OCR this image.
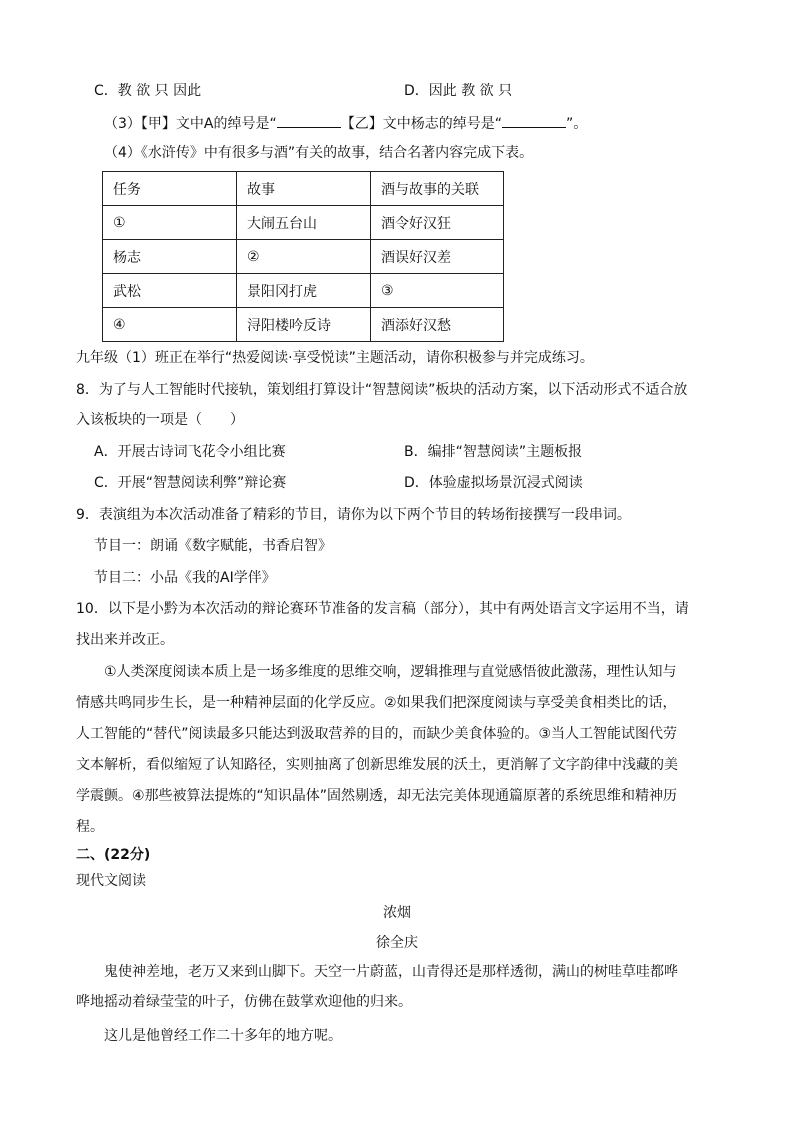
C．教 欲 只 因此	D．因此 教 欲 只
（3）【甲】文中A的绰号是“	【乙】文中杨志的绰号是“	”。
（4）《水浒传》中有很多与酒”有关的故事，结合名著内容完成下表。
任务	故事	酒与故事的关联
①	大闹五台山	酒令好汉狂
杨志	②	酒误好汉差
武松	景阳冈打虎	③
④	浔阳楼吟反诗	酒添好汉愁
九年级（1）班正在举行“热爱阅读·享受悦读”主题活动，请你积极参与并完成练习。
8．为了与人工智能时代接轨，策划组打算设计“智慧阅读”板块的活动方案，以下活动形式不适合放
入该板块的一项是（　　）
A．开展古诗词飞花令小组比赛	B．编排“智慧阅读”主题板报
C．开展“智慧阅读利弊”辩论赛	D．体验虚拟场景沉浸式阅读
9．表演组为本次活动准备了精彩的节目，请你为以下两个节目的转场衔接撰写一段串词。
节目一：朗诵《数字赋能，书香启智》
节目二：小品《我的AI学伴》
10．以下是小黔为本次活动的辩论赛环节准备的发言稿（部分），其中有两处语言文字运用不当，请
找出来并改正。
①人类深度阅读本质上是一场多维度的思维交响，逻辑推理与直觉感悟彼此激荡，理性认知与
情感共鸣同步生长，是一种精神层面的化学反应。②如果我们把深度阅读与享受美食相类比的话，
人工智能的“替代”阅读最多只能达到汲取营养的目的，而缺少美食体验的。③当人工智能试图代劳
文本解析，看似缩短了认知路径，实则抽离了创新思维发展的沃土，更消解了文字韵律中浅藏的美
学震颤。④那些被算法提炼的“知识晶体”固然剔透，却无法完美体现通篇原著的系统思维和精神历
程。
二、(22分)
现代文阅读
浓烟
徐全庆
鬼使神差地，老万又来到山脚下。天空一片蔚蓝，山青得还是那样透彻，满山的树哇草哇都哗
哗地摇动着绿莹莹的叶子，仿佛在鼓掌欢迎他的归来。
这儿是他曾经工作二十多年的地方呢。
